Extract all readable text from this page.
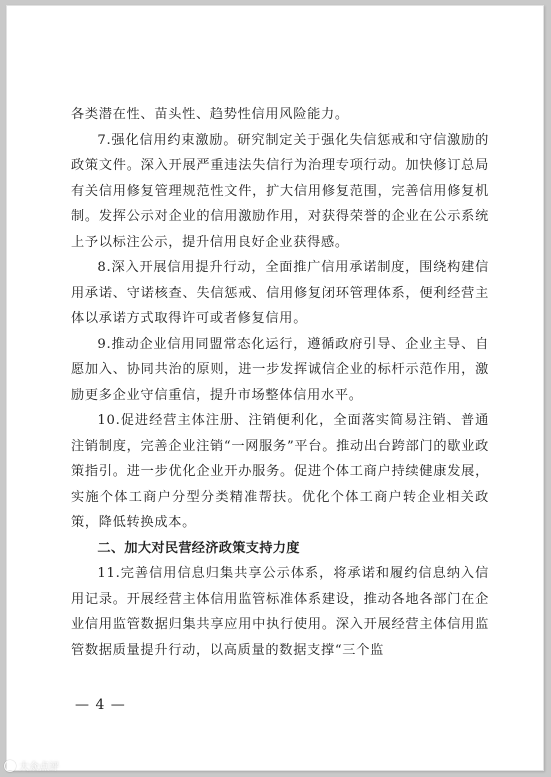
各类潜在性、苗头性、趋势性信用风险能力。

7.强化信用约束激励。研究制定关于强化失信惩戒和守信激励的政策文件。深入开展严重违法失信行为治理专项行动。加快修订总局有关信用修复管理规范性文件，扩大信用修复范围，完善信用修复机制。发挥公示对企业的信用激励作用，对获得荣誉的企业在公示系统上予以标注公示，提升信用良好企业获得感。

8.深入开展信用提升行动，全面推广信用承诺制度，围绕构建信用承诺、守诺核查、失信惩戒、信用修复闭环管理体系，便利经营主体以承诺方式取得许可或者修复信用。

9.推动企业信用同盟常态化运行，遵循政府引导、企业主导、自愿加入、协同共治的原则，进一步发挥诚信企业的标杆示范作用，激励更多企业守信重信，提升市场整体信用水平。

10.促进经营主体注册、注销便利化，全面落实简易注销、普通注销制度，完善企业注销“一网服务”平台。推动出台跨部门的歇业政策指引。进一步优化企业开办服务。促进个体工商户持续健康发展，实施个体工商户分型分类精准帮扶。优化个体工商户转企业相关政策，降低转换成本。

二、加大对民营经济政策支持力度

11.完善信用信息归集共享公示体系，将承诺和履约信息纳入信用记录。开展经营主体信用监管标准体系建设，推动各地各部门在企业信用监管数据归集共享应用中执行使用。深入开展经营主体信用监管数据质量提升行动，以高质量的数据支撑“三个监

— 4 —
大众点评
